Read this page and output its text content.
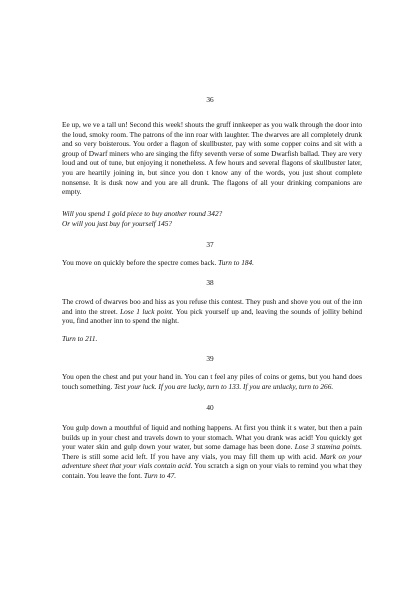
36
Ee up, we ve a tall un! Second this week! shouts the gruff innkeeper as you walk through the door into the loud, smoky room. The patrons of the inn roar with laughter. The dwarves are all completely drunk and so very boisterous. You order a flagon of skullbuster, pay with some copper coins and sit with a group of Dwarf miners who are singing the fifty seventh verse of some Dwarfish ballad. They are very loud and out of tune, but enjoying it nonetheless. A few hours and several flagons of skullbuster later, you are heartily joining in, but since you don t know any of the words, you just shout complete nonsense. It is dusk now and you are all drunk. The flagons of all your drinking companions are empty.
Will you spend 1 gold piece to buy another round 342?
Or will you just buy for yourself 145?
37
You move on quickly before the spectre comes back. Turn to 184.
38
The crowd of dwarves boo and hiss as you refuse this contest. They push and shove you out of the inn and into the street. Lose 1 luck point. You pick yourself up and, leaving the sounds of jollity behind you, find another inn to spend the night.
Turn to 211.
39
You open the chest and put your hand in. You can t feel any piles of coins or gems, but you hand does touch something. Test your luck. If you are lucky, turn to 133. If you are unlucky, turn to 266.
40
You gulp down a mouthful of liquid and nothing happens. At first you think it s water, but then a pain builds up in your chest and travels down to your stomach. What you drank was acid! You quickly get your water skin and gulp down your water, but some damage has been done. Lose 3 stamina points. There is still some acid left. If you have any vials, you may fill them up with acid. Mark on your adventure sheet that your vials contain acid. You scratch a sign on your vials to remind you what they contain. You leave the font. Turn to 47.
